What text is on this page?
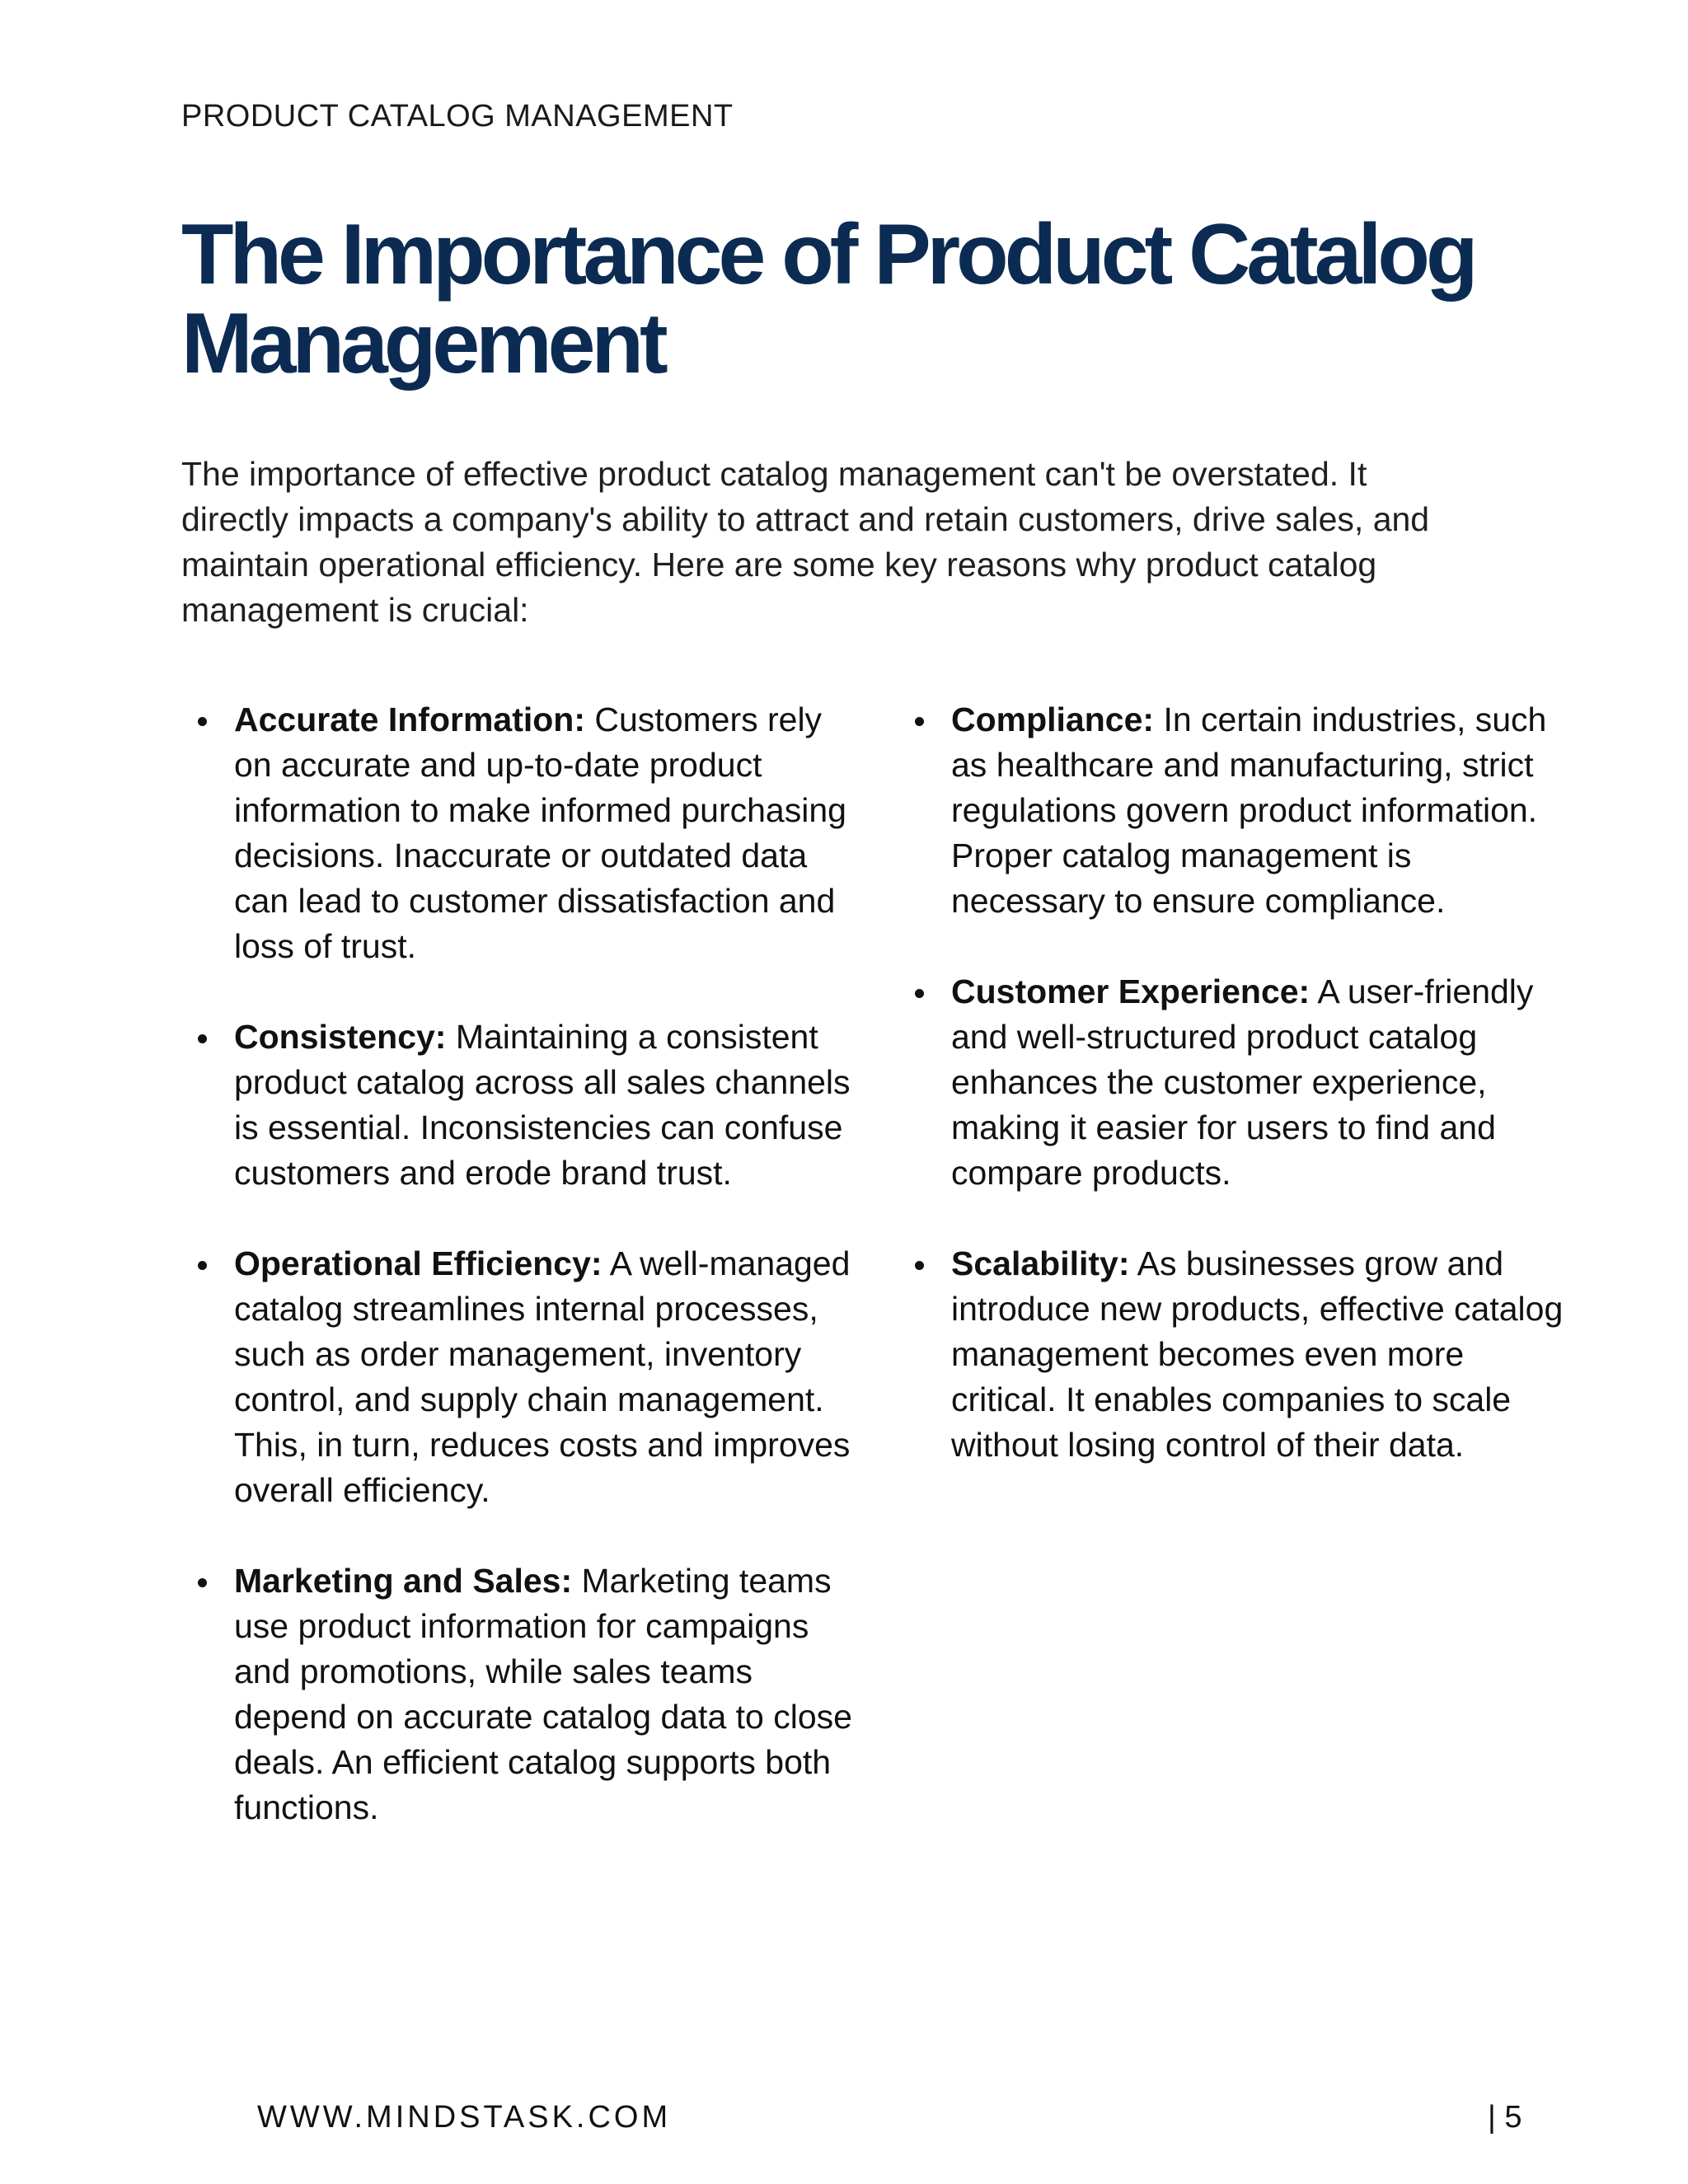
PRODUCT CATALOG MANAGEMENT
The Importance of Product Catalog Management

The importance of effective product catalog management can't be overstated. It directly impacts a company's ability to attract and retain customers, drive sales, and maintain operational efficiency. Here are some key reasons why product catalog management is crucial:

Accurate Information: Customers rely on accurate and up-to-date product information to make informed purchasing decisions. Inaccurate or outdated data can lead to customer dissatisfaction and loss of trust.
Consistency: Maintaining a consistent product catalog across all sales channels is essential. Inconsistencies can confuse customers and erode brand trust.
Operational Efficiency: A well-managed catalog streamlines internal processes, such as order management, inventory control, and supply chain management. This, in turn, reduces costs and improves overall efficiency.
Marketing and Sales: Marketing teams use product information for campaigns and promotions, while sales teams depend on accurate catalog data to close deals. An efficient catalog supports both functions.
Compliance: In certain industries, such as healthcare and manufacturing, strict regulations govern product information. Proper catalog management is necessary to ensure compliance.
Customer Experience: A user-friendly and well-structured product catalog enhances the customer experience, making it easier for users to find and compare products.
Scalability: As businesses grow and introduce new products, effective catalog management becomes even more critical. It enables companies to scale without losing control of their data.
WWW.MINDSTASK.COM	| 5
